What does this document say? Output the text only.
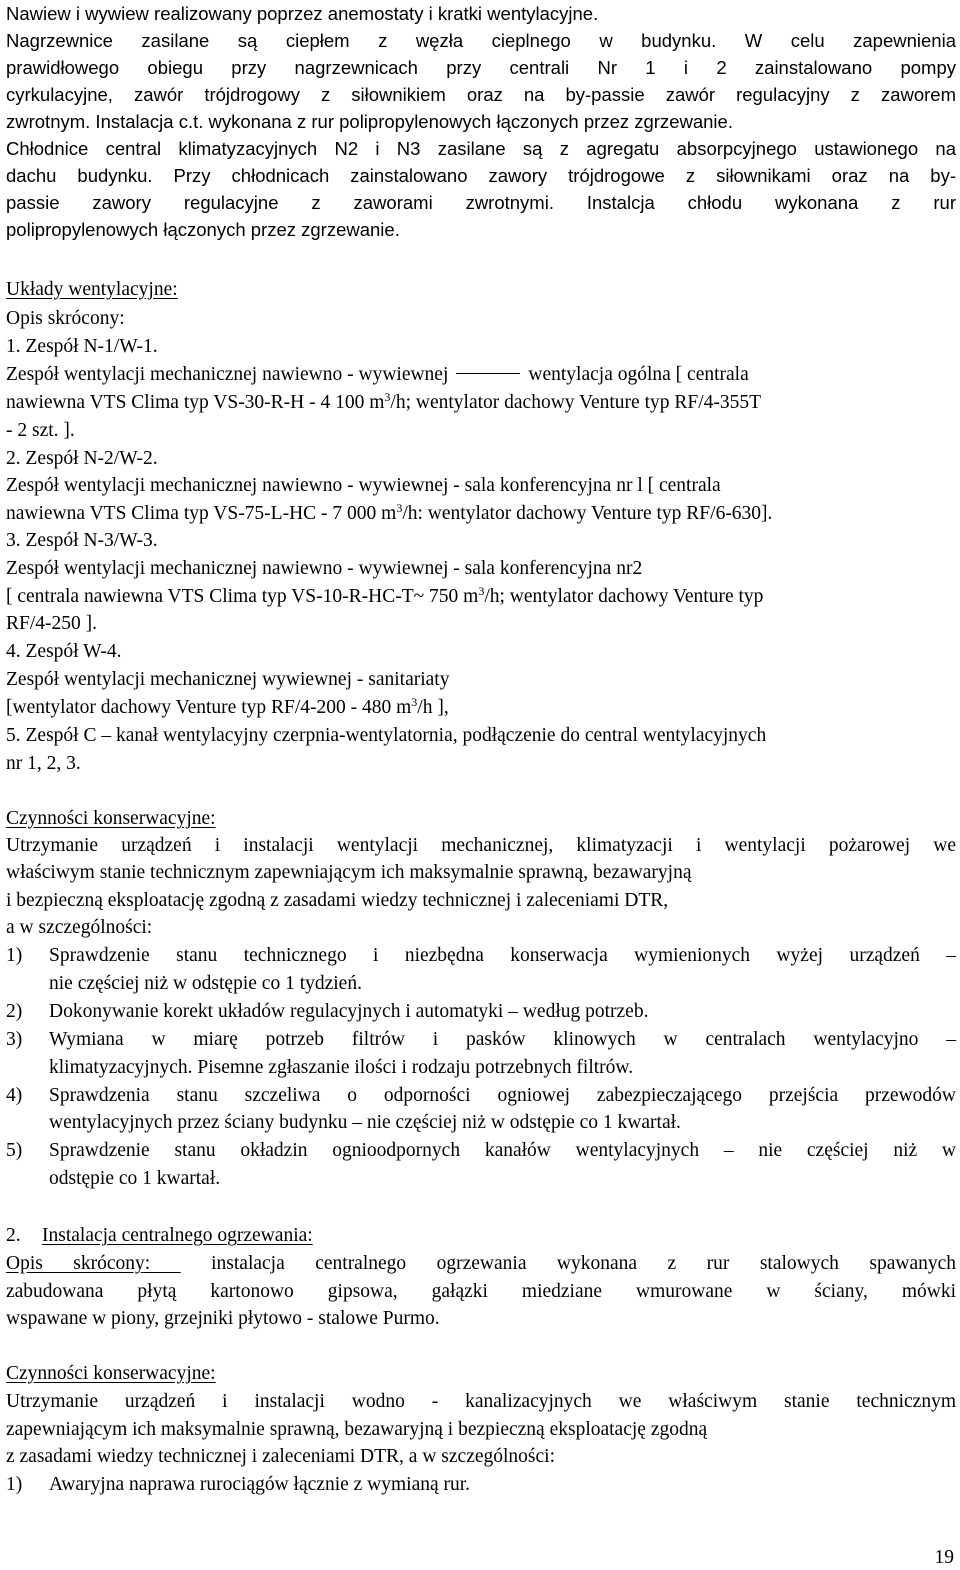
Nawiew i wywiew realizowany poprzez anemostaty i kratki wentylacyjne.
Nagrzewnice zasilane są ciepłem z węzła cieplnego w budynku. W celu zapewnienia
prawidłowego obiegu przy nagrzewnicach przy centrali Nr 1 i 2 zainstalowano pompy
cyrkulacyjne, zawór trójdrogowy z siłownikiem oraz na by-passie zawór regulacyjny z zaworem
zwrotnym. Instalacja c.t. wykonana z rur polipropylenowych łączonych przez zgrzewanie.
Chłodnice central klimatyzacyjnych N2 i N3 zasilane są z agregatu absorpcyjnego ustawionego na
dachu budynku. Przy chłodnicach zainstalowano zawory trójdrogowe z siłownikami oraz na by-
passie zawory regulacyjne z zaworami zwrotnymi. Instalcja chłodu wykonana z rur
polipropylenowych łączonych przez zgrzewanie.
Układy wentylacyjne:
Opis skrócony:
1. Zespół N-1/W-1.
Zespół wentylacji mechanicznej nawiewno - wywiewnej	wentylacja ogólna [ centrala
nawiewna VTS Clima typ VS-30-R-H - 4 100 $m^3/h$; wentylator dachowy Venture typ RF/4-355T
- 2 szt. ].
2. Zespół N-2/W-2.
Zespół wentylacji mechanicznej nawiewno - wywiewnej - sala konferencyjna nr l [ centrala
nawiewna VTS Clima typ VS-75-L-HC - 7 000 $m^3/h$: wentylator dachowy Venture typ RF/6-630].
3. Zespół N-3/W-3.
Zespół wentylacji mechanicznej nawiewno - wywiewnej - sala konferencyjna nr2
[ centrala nawiewna VTS Clima typ VS-10-R-HC-T~ 750 $m^3/h$; wentylator dachowy Venture typ
RF/4-250 ].
4. Zespół W-4.
Zespół wentylacji mechanicznej wywiewnej - sanitariaty
[wentylator dachowy Venture typ RF/4-200 - 480 $m^3/h$ ],
5. Zespół C – kanał wentylacyjny czerpnia-wentylatornia, podłączenie do central wentylacyjnych
nr 1, 2, 3.
Czynności konserwacyjne:
Utrzymanie urządzeń i instalacji wentylacji mechanicznej, klimatyzacji i wentylacji pożarowej we
właściwym stanie technicznym zapewniającym ich maksymalnie sprawną, bezawaryjną
i bezpieczną eksploatację zgodną z zasadami wiedzy technicznej i zaleceniami DTR,
a w szczególności:
1)	Sprawdzenie stanu technicznego i niezbędna konserwacja wymienionych wyżej urządzeń –
nie częściej niż w odstępie co 1 tydzień.
2)	Dokonywanie korekt układów regulacyjnych i automatyki – według potrzeb.
3)	Wymiana w miarę potrzeb filtrów i pasków klinowych w centralach wentylacyjno –
klimatyzacyjnych. Pisemne zgłaszanie ilości i rodzaju potrzebnych filtrów.
4)	Sprawdzenia stanu szczeliwa o odporności ogniowej zabezpieczającego przejścia przewodów
wentylacyjnych przez ściany budynku – nie częściej niż w odstępie co 1 kwartał.
5)	Sprawdzenie stanu okładzin ognioodpornych kanałów wentylacyjnych – nie częściej niż w
odstępie co 1 kwartał.
2.	Instalacja centralnego ogrzewania:
Opis skrócony:  instalacja centralnego ogrzewania wykonana z rur stalowych spawanych
zabudowana płytą kartonowo gipsowa, gałązki miedziane wmurowane w ściany, mówki
wspawane w piony, grzejniki płytowo - stalowe Purmo.
Czynności konserwacyjne:
Utrzymanie urządzeń i instalacji wodno - kanalizacyjnych we właściwym stanie technicznym
zapewniającym ich maksymalnie sprawną, bezawaryjną i bezpieczną eksploatację zgodną
z zasadami wiedzy technicznej i zaleceniami DTR, a w szczególności:
1)	Awaryjna naprawa rurociągów łącznie z wymianą rur.
19
